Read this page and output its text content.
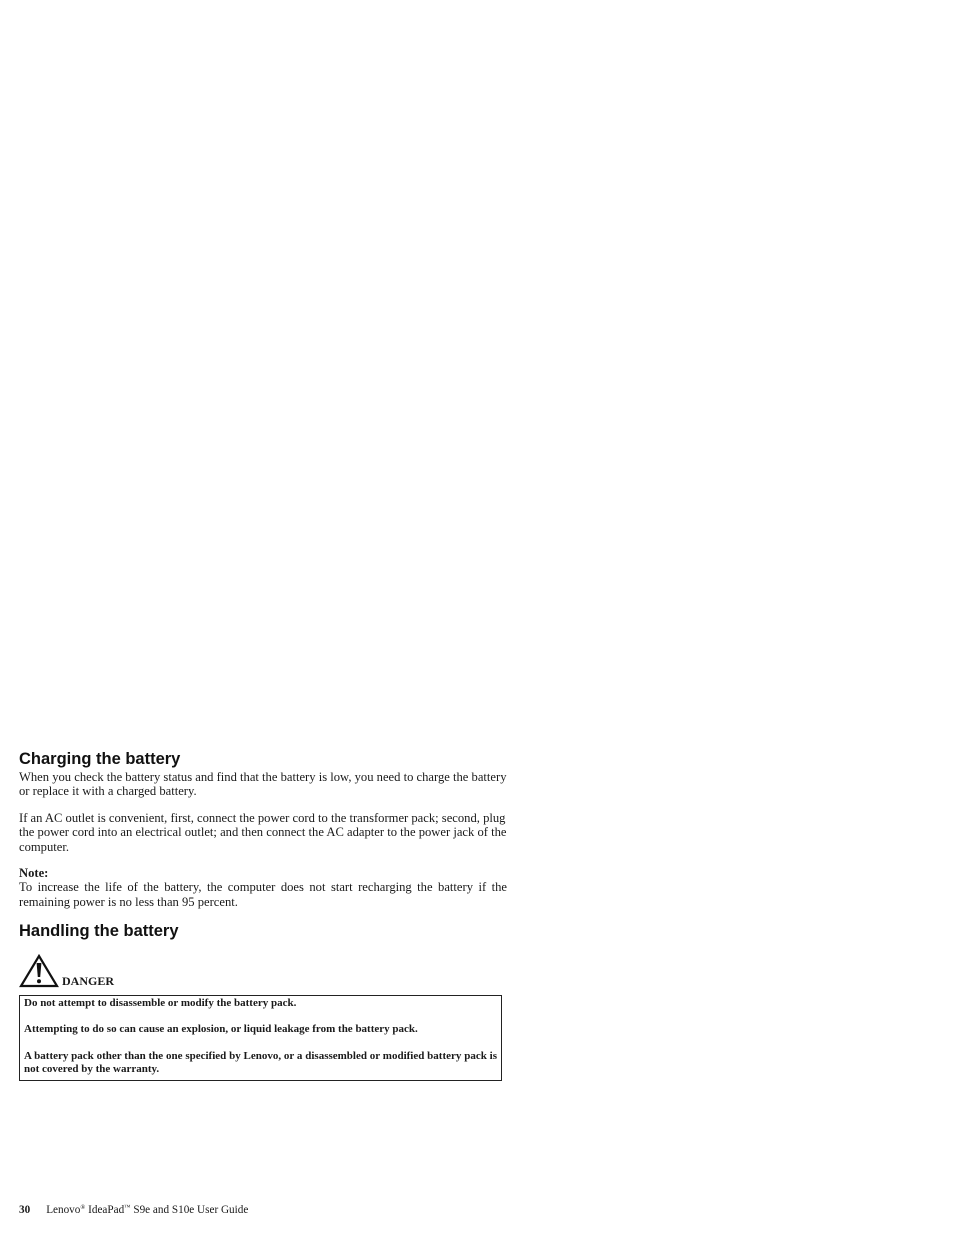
Charging the battery

When you check the battery status and find that the battery is low, you need to charge the battery or replace it with a charged battery.

If an AC outlet is convenient, first, connect the power cord to the transformer pack; second, plug the power cord into an electrical outlet; and then connect the AC adapter to the power jack of the computer.

Note:

To increase the life of the battery, the computer does not start recharging the battery if the remaining power is no less than 95 percent.

Handling the battery
DANGER

Do not attempt to disassemble or modify the battery pack.

Attempting to do so can cause an explosion, or liquid leakage from the battery pack.

A battery pack other than the one specified by Lenovo, or a disassembled or modified battery pack is not covered by the warranty.

30 Lenovo® IdeaPad™ S9e and S10e User Guide
